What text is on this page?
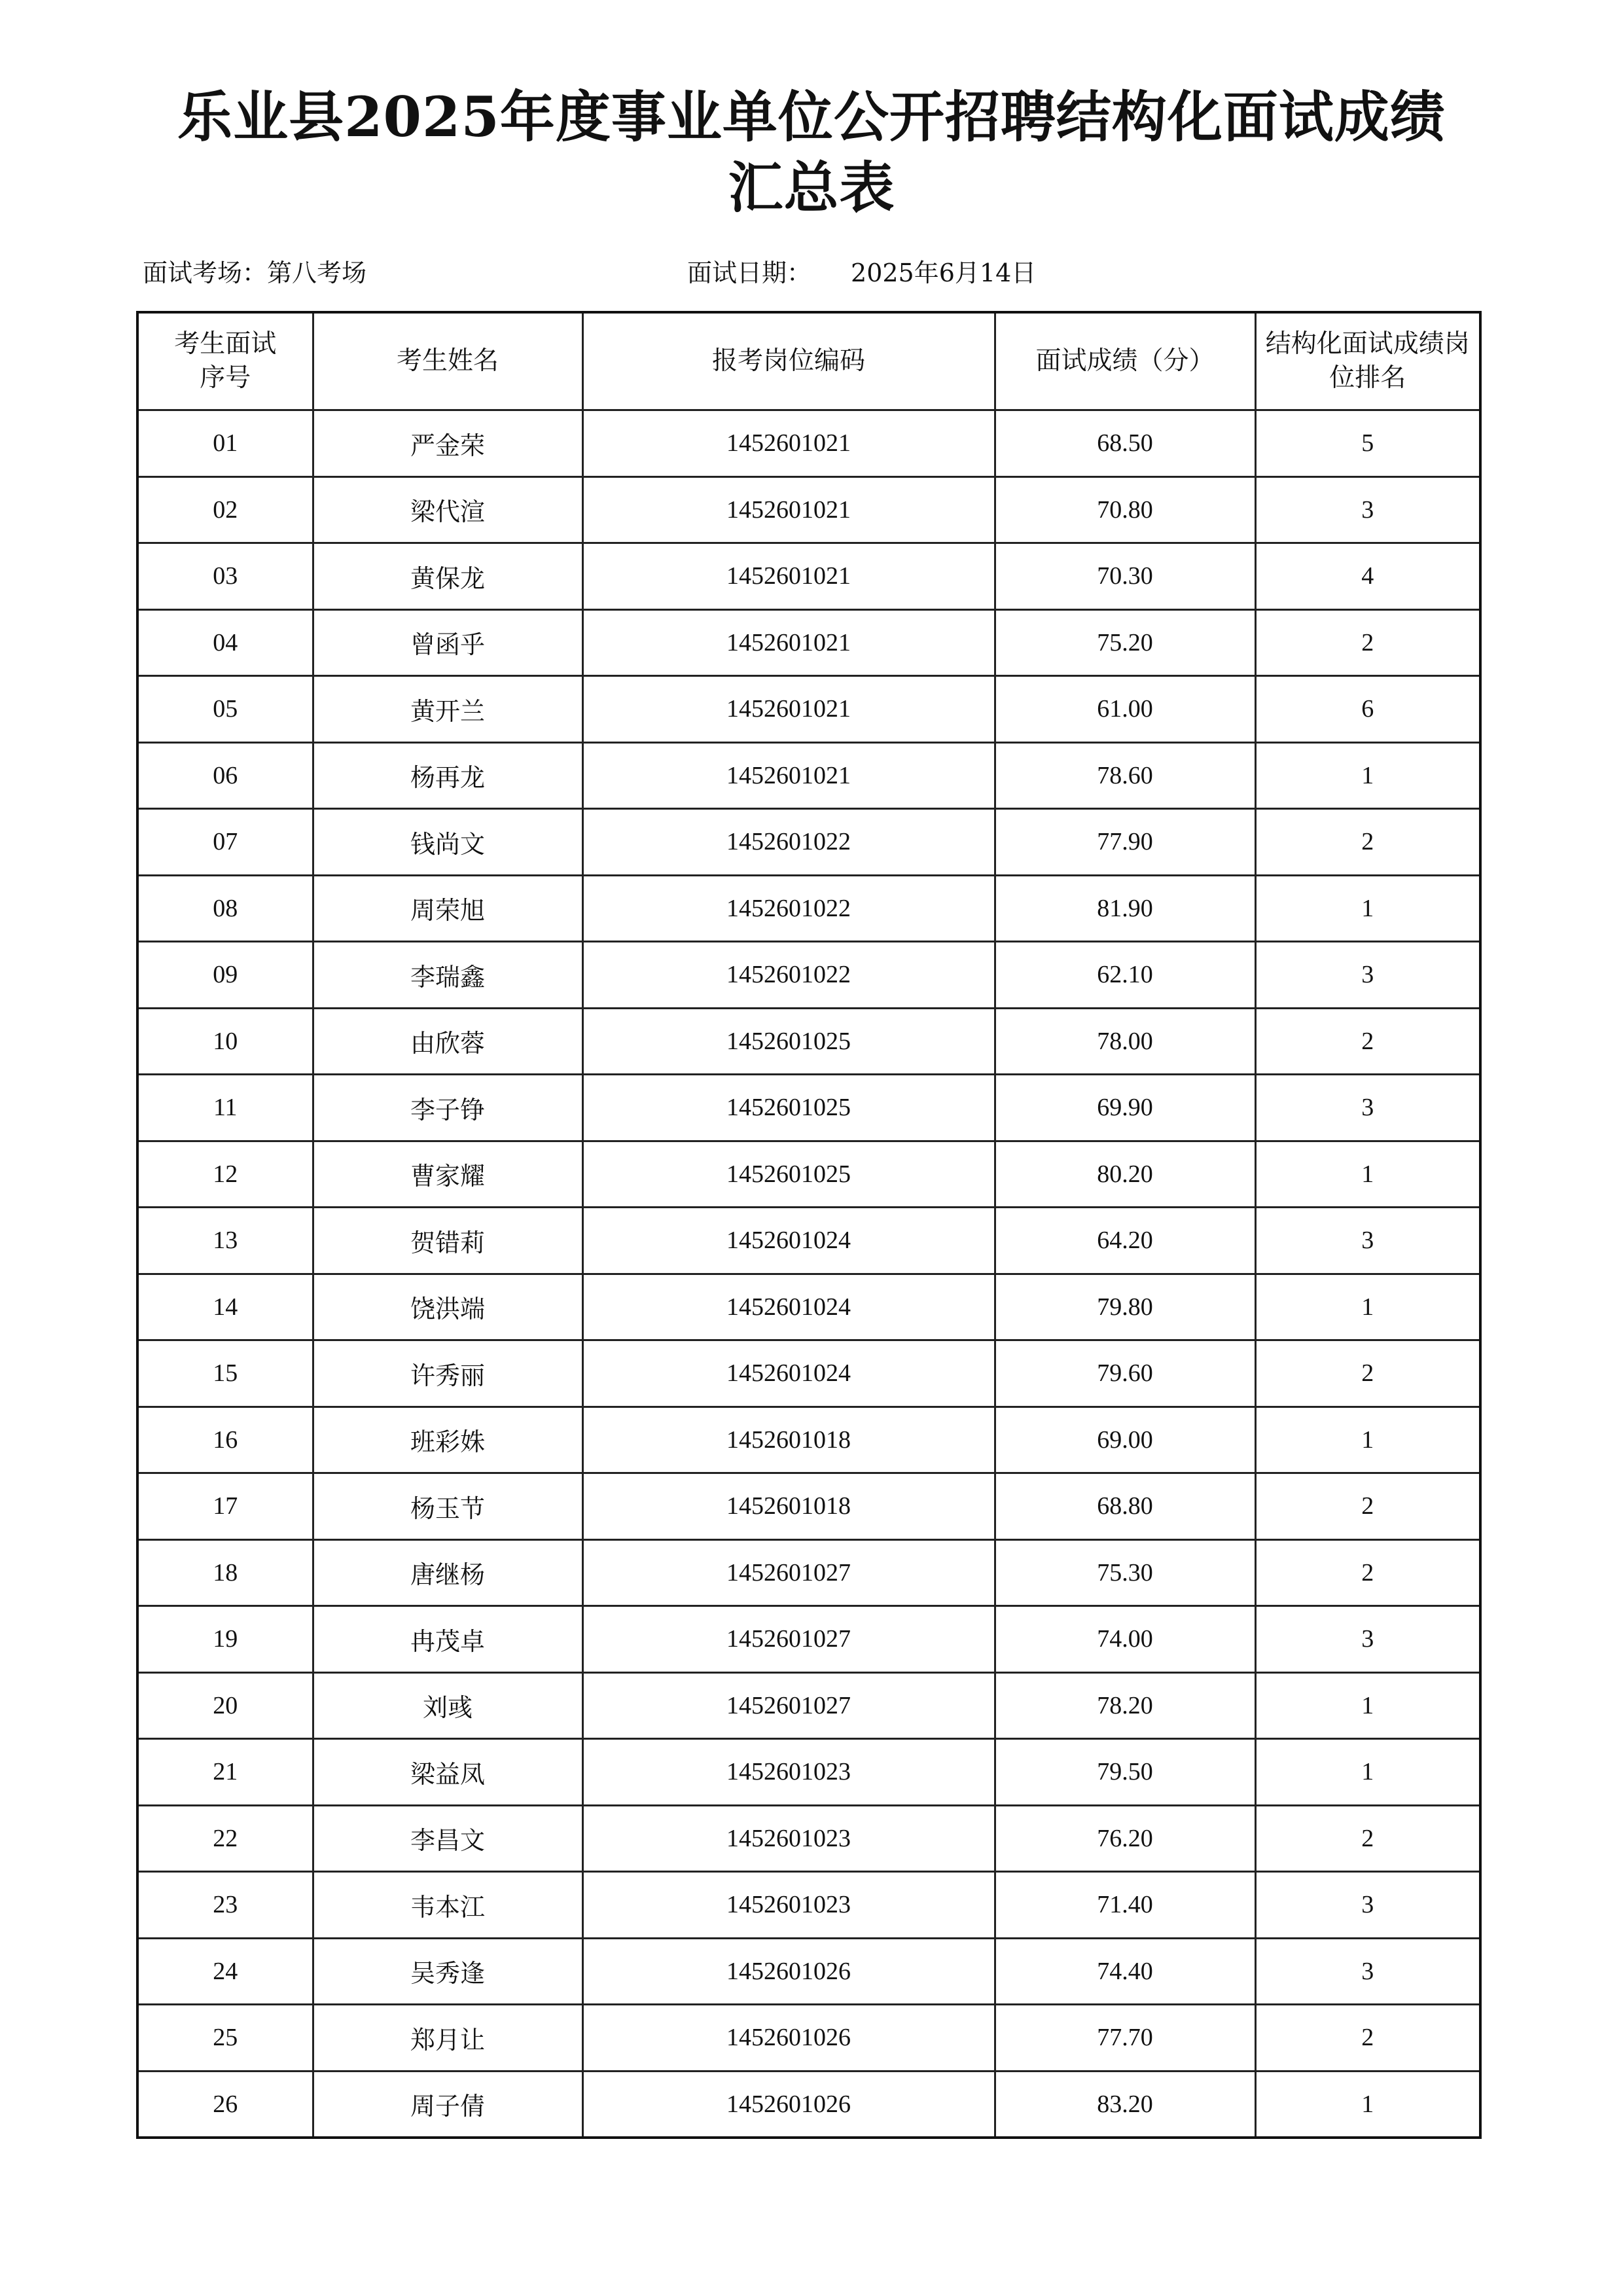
乐业县2025年度事业单位公开招聘结构化面试成绩
汇总表
面试考场：第八考场	面试日期： 2025年6月14日
考生面试序号	考生姓名	报考岗位编码	面试成绩（分）	结构化面试成绩岗位排名
01	严金荣	1452601021	68.50	5
02	梁代渲	1452601021	70.80	3
03	黄保龙	1452601021	70.30	4
04	曾函乎	1452601021	75.20	2
05	黄开兰	1452601021	61.00	6
06	杨再龙	1452601021	78.60	1
07	钱尚文	1452601022	77.90	2
08	周荣旭	1452601022	81.90	1
09	李瑞鑫	1452601022	62.10	3
10	由欣蓉	1452601025	78.00	2
11	李子铮	1452601025	69.90	3
12	曹家耀	1452601025	80.20	1
13	贺错莉	1452601024	64.20	3
14	饶洪端	1452601024	79.80	1
15	许秀丽	1452601024	79.60	2
16	班彩姝	1452601018	69.00	1
17	杨玉节	1452601018	68.80	2
18	唐继杨	1452601027	75.30	2
19	冉茂卓	1452601027	74.00	3
20	刘彧	1452601027	78.20	1
21	梁益凤	1452601023	79.50	1
22	李昌文	1452601023	76.20	2
23	韦本江	1452601023	71.40	3
24	吴秀逢	1452601026	74.40	3
25	郑月让	1452601026	77.70	2
26	周子倩	1452601026	83.20	1
